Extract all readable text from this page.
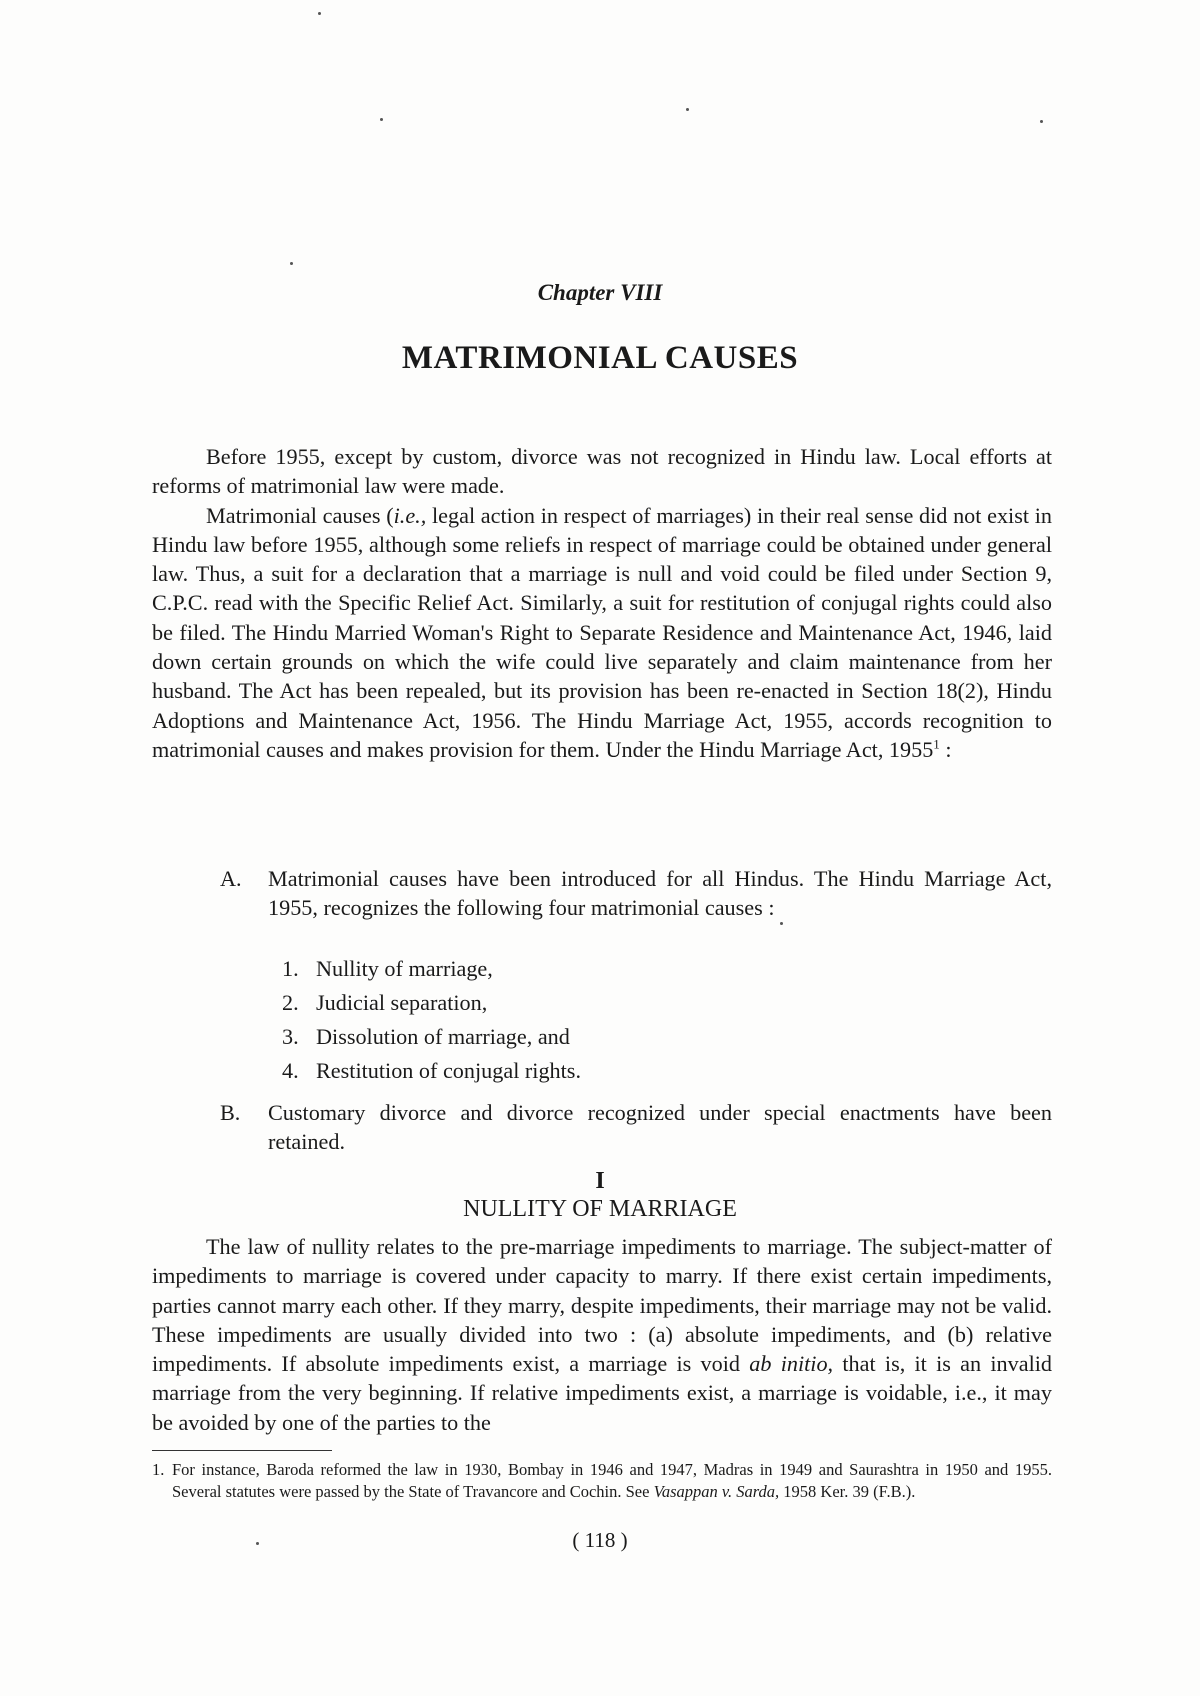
Chapter VIII
MATRIMONIAL CAUSES

Before 1955, except by custom, divorce was not recognized in Hindu law. Local efforts at reforms of matrimonial law were made.

Matrimonial causes (i.e., legal action in respect of marriages) in their real sense did not exist in Hindu law before 1955, although some reliefs in respect of marriage could be obtained under general law. Thus, a suit for a declaration that a marriage is null and void could be filed under Section 9, C.P.C. read with the Specific Relief Act. Similarly, a suit for restitution of conjugal rights could also be filed. The Hindu Married Woman's Right to Separate Residence and Maintenance Act, 1946, laid down certain grounds on which the wife could live separately and claim maintenance from her husband. The Act has been repealed, but its provision has been re-enacted in Section 18(2), Hindu Adoptions and Maintenance Act, 1956. The Hindu Marriage Act, 1955, accords recognition to matrimonial causes and makes provision for them. Under the Hindu Marriage Act, 1955$^1$ :

A. Matrimonial causes have been introduced for all Hindus. The Hindu Marriage Act, 1955, recognizes the following four matrimonial causes :
1. Nullity of marriage,
2. Judicial separation,
3. Dissolution of marriage, and
4. Restitution of conjugal rights.
B. Customary divorce and divorce recognized under special enactments have been retained.
I
NULLITY OF MARRIAGE

The law of nullity relates to the pre-marriage impediments to marriage. The subject-matter of impediments to marriage is covered under capacity to marry. If there exist certain impediments, parties cannot marry each other. If they marry, despite impediments, their marriage may not be valid. These impediments are usually divided into two : (a) absolute impediments, and (b) relative impediments. If absolute impediments exist, a marriage is void ab initio, that is, it is an invalid marriage from the very beginning. If relative impediments exist, a marriage is voidable, i.e., it may be avoided by one of the parties to the

1. For instance, Baroda reformed the law in 1930, Bombay in 1946 and 1947, Madras in 1949 and Saurashtra in 1950 and 1955. Several statutes were passed by the State of Travancore and Cochin. See Vasappan v. Sarda, 1958 Ker. 39 (F.B.).
( 118 )
